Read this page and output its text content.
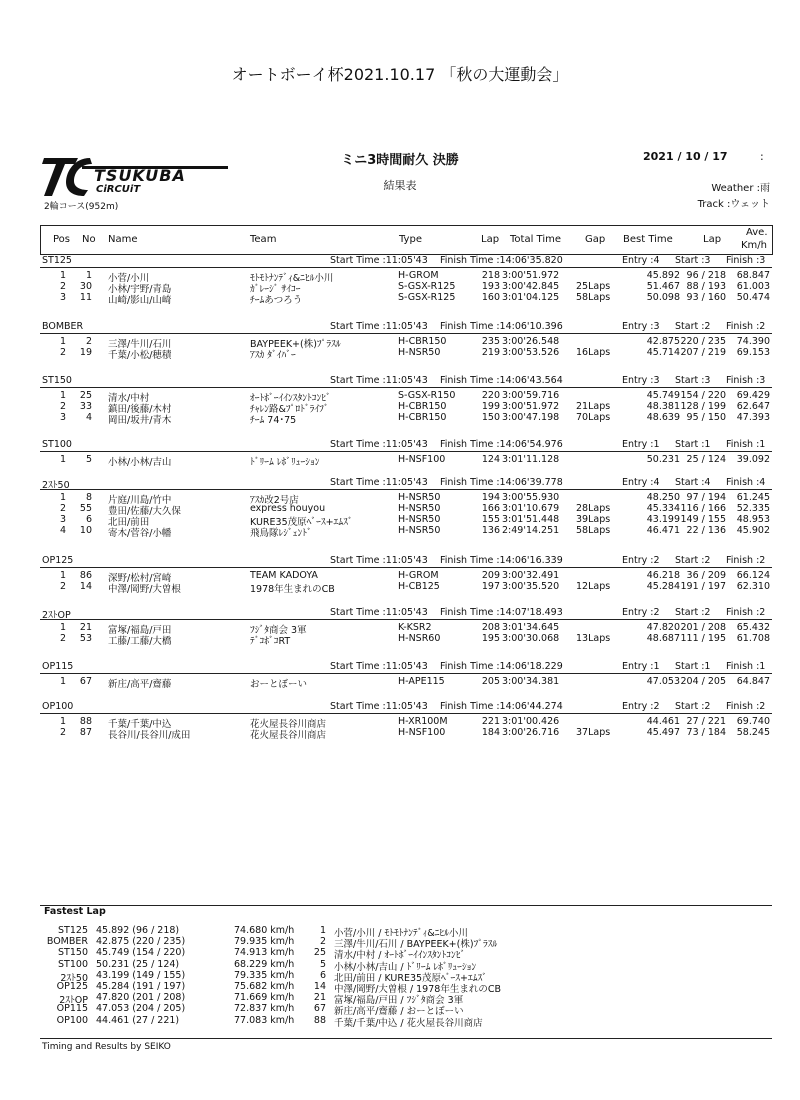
オートボーイ杯2021.10.17 「秋の大運動会」
TSUKUBA
CiRCUiT
2輪コース(952m)
ミニ3時間耐久 決勝
結果表
2021 / 10 / 17	:
Weather :雨
Track :ウェット
Pos No Name	Team	Type	Lap Total Time Gap Best Time	Lap
Ave.
Km/h
ST125	Start Time :11:05'43 Finish Time :14:06'35.820	Entry :4 Start :3 Finish :3
1	1 小菅/小川	ﾓﾄﾓﾄﾅﾝﾃﾞｨ&ﾆﾋﾙ小川	H-GROM	218 3:00'51.972	45.892 96 / 218	68.847
2	30 小林/宇野/青島	ｶﾞﾚｰｼﾞ ｻｲｺｰ	S-GSX-R125	193 3:00'42.845 25Laps	51.467 88 / 193	61.003
3	11 山崎/影山/山崎	ﾁｰﾑあつろう	S-GSX-R125	160 3:01'04.125 58Laps	50.098 93 / 160	50.474
BOMBER	Start Time :11:05'43 Finish Time :14:06'10.396	Entry :3 Start :2 Finish :2
1	2 三澤/牛川/石川	BAYPEEK+(株)ﾌﾟﾗｽﾙ	H-CBR150	235 3:00'26.548	42.875 220 / 235	74.390
2	19 千葉/小松/穂積	ｱｽｶ ﾀﾞｲﾊﾞｰ	H-NSR50	219 3:00'53.526 16Laps	45.714 207 / 219	69.153
ST150	Start Time :11:05'43 Finish Time :14:06'43.564	Entry :3 Start :3 Finish :3
1	25 清水/中村	ｵｰﾄﾎﾞｰｲｲﾝｽﾀﾝﾄｺﾝﾋﾞ	S-GSX-R150	220 3:00'59.716	45.749 154 / 220	69.429
2	33 鎮田/後藤/木村	ﾁｬﾚﾝ路&ﾌﾟﾛﾄﾞﾗｲﾌﾞ	H-CBR150	199 3:00'51.972 21Laps	48.381 128 / 199	62.647
3	4 岡田/坂井/青木	ﾁｰﾑ 74･75	H-CBR150	150 3:00'47.198 70Laps	48.639 95 / 150	47.393
ST100	Start Time :11:05'43 Finish Time :14:06'54.976	Entry :1 Start :1 Finish :1
1	5 小林/小林/吉山	ﾄﾞﾘｰﾑ ﾚﾎﾞﾘｭｰｼｮﾝ	H-NSF100	124 3:01'11.128	50.231 25 / 124	39.092
2ｽﾄ50	Start Time :11:05'43 Finish Time :14:06'39.778	Entry :4 Start :4 Finish :4
1	8 片庭/川島/竹中	ｱｽｶ改2号店	H-NSR50	194 3:00'55.930	48.250 97 / 194	61.245
2	55 豊田/佐藤/大久保	express houyou	H-NSR50	166 3:01'10.679 28Laps	45.334 116 / 166	52.335
3	6 北田/前田	KURE35茂原ﾍﾞｰｽ+ｴﾑｽﾞ	H-NSR50	155 3:01'51.448 39Laps	43.199 149 / 155	48.953
4	10 寄木/菅谷/小幡	飛鳥隊ﾚｼﾞｪﾝﾄﾞ	H-NSR50	136 2:49'14.251 58Laps	46.471 22 / 136	45.902
OP125	Start Time :11:05'43 Finish Time :14:06'16.339	Entry :2 Start :2 Finish :2
1	86 深野/松村/宮崎	TEAM KADOYA	H-GROM	209 3:00'32.491	46.218 36 / 209	66.124
2	14 中澤/岡野/大曽根	1978年生まれのCB	H-CB125	197 3:00'35.520 12Laps	45.284 191 / 197	62.310
2ｽﾄOP	Start Time :11:05'43 Finish Time :14:07'18.493	Entry :2 Start :2 Finish :2
1	21 富塚/福島/戸田	ﾌｼﾞﾀ商会 3軍	K-KSR2	208 3:01'34.645	47.820 201 / 208	65.432
2	53 工藤/工藤/大橋	ﾃﾞｺﾎﾞｺRT	H-NSR60	195 3:00'30.068 13Laps	48.687 111 / 195	61.708
OP115	Start Time :11:05'43 Finish Time :14:06'18.229	Entry :1 Start :1 Finish :1
1	67 新庄/高平/齋藤	おーとぼーい	H-APE115	205 3:00'34.381	47.053 204 / 205	64.847
OP100	Start Time :11:05'43 Finish Time :14:06'44.274	Entry :2 Start :2 Finish :2
1	88 千葉/千葉/中込	花火屋長谷川商店	H-XR100M	221 3:01'00.426	44.461 27 / 221	69.740
2	87 長谷川/長谷川/成田	花火屋長谷川商店	H-NSF100	184 3:00'26.716 37Laps	45.497 73 / 184	58.245
Fastest Lap
ST125 45.892 (96 / 218)	74.680 km/h	1 小菅/小川 / ﾓﾄﾓﾄﾅﾝﾃﾞｨ&ﾆﾋﾙ小川
BOMBER 42.875 (220 / 235)	79.935 km/h	2 三澤/牛川/石川 / BAYPEEK+(株)ﾌﾟﾗｽﾙ
ST150 45.749 (154 / 220)	74.913 km/h	25 清水/中村 / ｵｰﾄﾎﾞｰｲｲﾝｽﾀﾝﾄｺﾝﾋﾞ
ST100 50.231 (25 / 124)	68.229 km/h	5 小林/小林/吉山 / ﾄﾞﾘｰﾑ ﾚﾎﾞﾘｭｰｼｮﾝ
2ｽﾄ50 43.199 (149 / 155)	79.335 km/h	6 北田/前田 / KURE35茂原ﾍﾞｰｽ+ｴﾑｽﾞ
OP125 45.284 (191 / 197)	75.682 km/h	14 中澤/岡野/大曽根 / 1978年生まれのCB
2ｽﾄOP 47.820 (201 / 208)	71.669 km/h	21 富塚/福島/戸田 / ﾌｼﾞﾀ商会 3軍
OP115 47.053 (204 / 205)	72.837 km/h	67 新庄/高平/齋藤 / おーとぼーい
OP100 44.461 (27 / 221)	77.083 km/h	88 千葉/千葉/中込 / 花火屋長谷川商店
Timing and Results by SEIKO
